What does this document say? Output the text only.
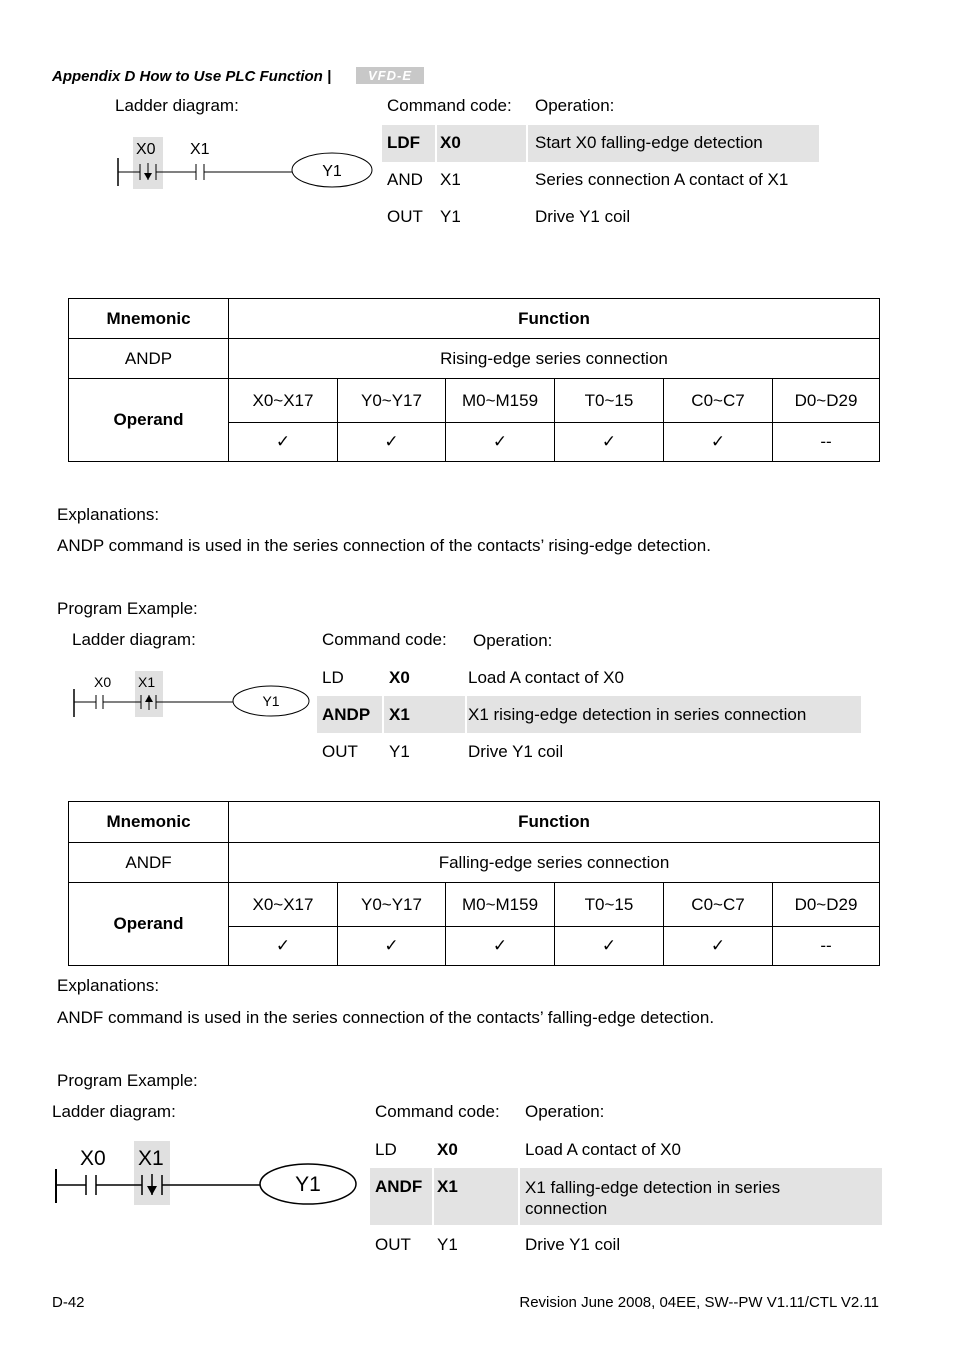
Appendix D How to Use PLC Function |	VFD-E
Ladder diagram:	Command code: Operation:
X0 X1
Y1
LDF X0	Start X0 falling-edge detection
AND X1	Series connection A contact of X1
OUT Y1	Drive Y1 coil
Mnemonic	Function					
ANDP	Rising-edge series connection					
Operand	X0~X17	Y0~Y17	M0~M159	T0~15	C0~C7	D0~D29
	✓	✓	✓	✓	✓	--
Explanations:
ANDP command is used in the series connection of the contacts’ rising-edge detection.
Program Example:
Ladder diagram:	Command code: Operation:
X0 X1
Y1
LD	X0	Load A contact of X0
ANDP X1	X1 rising-edge detection in series connection
OUT Y1	Drive Y1 coil
Mnemonic	Function					
ANDF	Falling-edge series connection					
Operand	X0~X17	Y0~Y17	M0~M159	T0~15	C0~C7	D0~D29
	✓	✓	✓	✓	✓	--
Explanations:
ANDF command is used in the series connection of the contacts’ falling-edge detection.
Program Example:
Ladder diagram:	Command code: Operation:
X0 X1
Y1
LD X0	Load A contact of X0
ANDF X1	X1 falling-edge detection in series connection
OUT Y1	Drive Y1 coil
D-42	Revision June 2008, 04EE, SW--PW V1.11/CTL V2.11
